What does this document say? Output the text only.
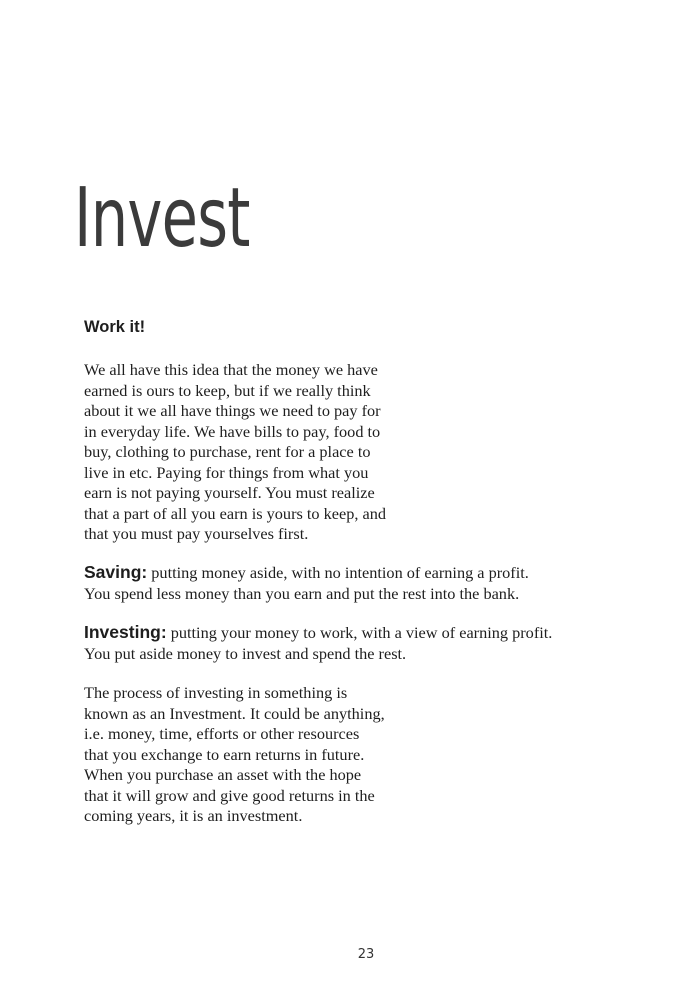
Invest
Work it!

We all have this idea that the money we have
earned is ours to keep, but if we really think
about it we all have things we need to pay for
in everyday life. We have bills to pay, food to
buy, clothing to purchase, rent for a place to
live in etc. Paying for things from what you
earn is not paying yourself. You must realize
that a part of all you earn is yours to keep, and
that you must pay yourselves first.

Saving: putting money aside, with no intention of earning a profit.
You spend less money than you earn and put the rest into the bank.

Investing: putting your money to work, with a view of earning profit.
You put aside money to invest and spend the rest.

The process of investing in something is
known as an Investment. It could be anything,
i.e. money, time, efforts or other resources
that you exchange to earn returns in future.
When you purchase an asset with the hope
that it will grow and give good returns in the
coming years, it is an investment.

23
